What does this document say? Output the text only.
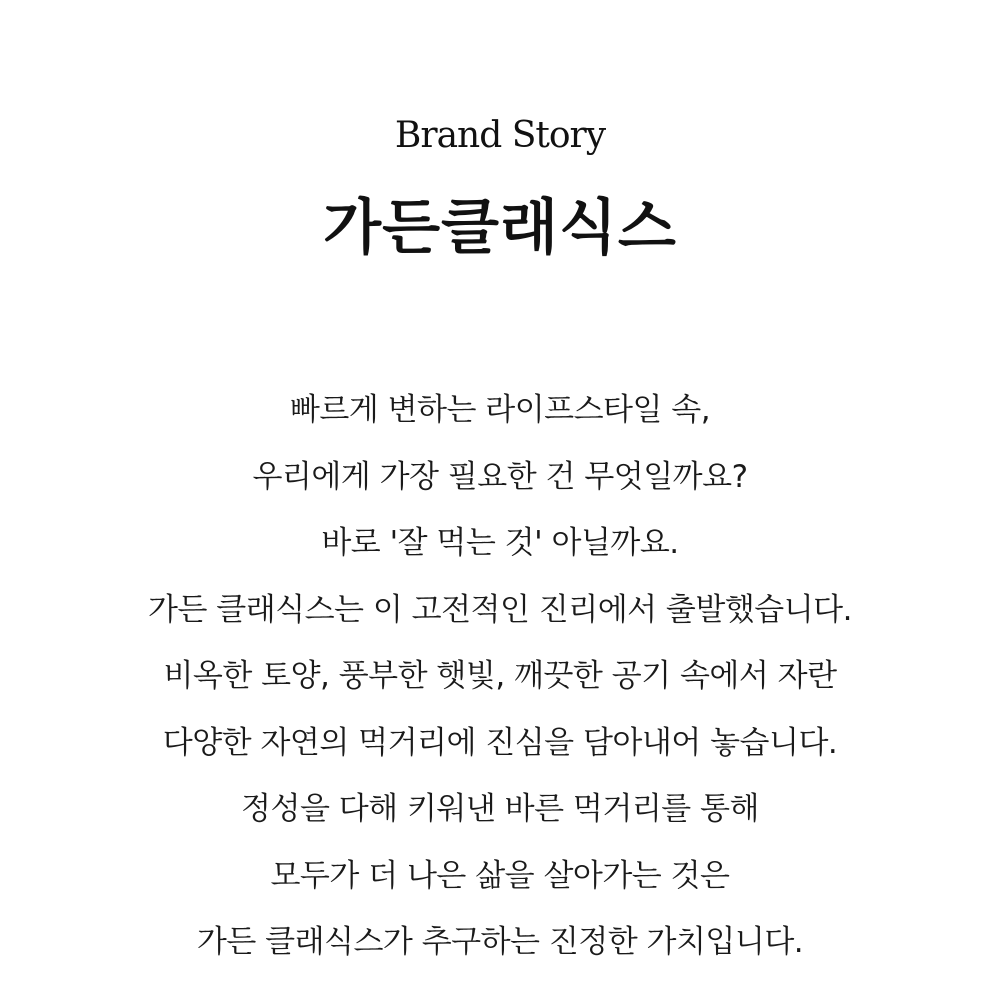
Brand Story
가든클래식스
빠르게 변하는 라이프스타일 속,
우리에게 가장 필요한 건 무엇일까요?
바로 '잘 먹는 것' 아닐까요.
가든 클래식스는 이 고전적인 진리에서 출발했습니다.
비옥한 토양, 풍부한 햇빛, 깨끗한 공기 속에서 자란
다양한 자연의 먹거리에 진심을 담아내어 놓습니다.
정성을 다해 키워낸 바른 먹거리를 통해
모두가 더 나은 삶을 살아가는 것은
가든 클래식스가 추구하는 진정한 가치입니다.
